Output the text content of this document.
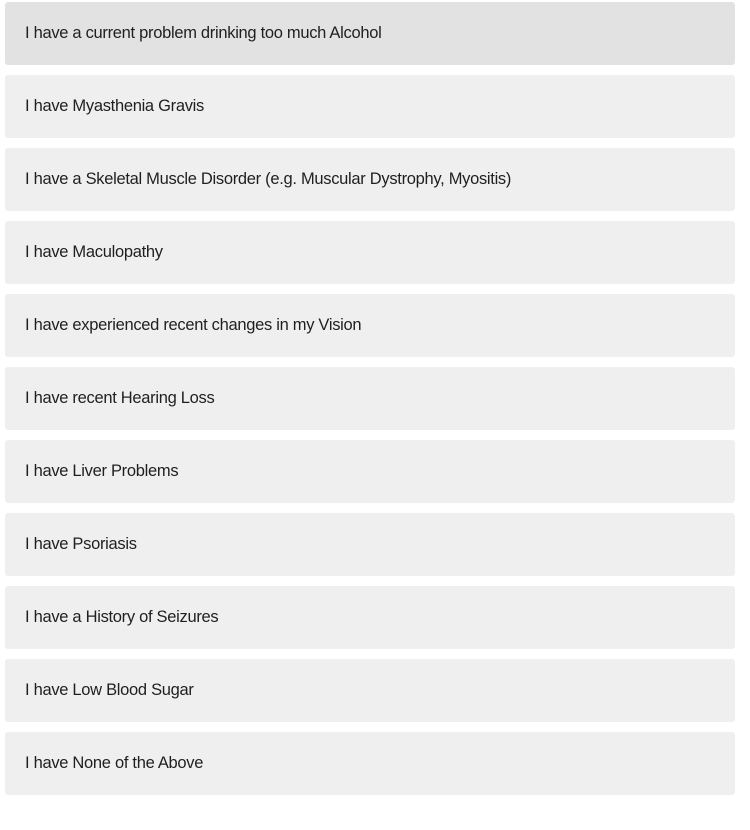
I have a current problem drinking too much Alcohol
I have Myasthenia Gravis
I have a Skeletal Muscle Disorder (e.g. Muscular Dystrophy, Myositis)
I have Maculopathy
I have experienced recent changes in my Vision
I have recent Hearing Loss
I have Liver Problems
I have Psoriasis
I have a History of Seizures
I have Low Blood Sugar
I have None of the Above
